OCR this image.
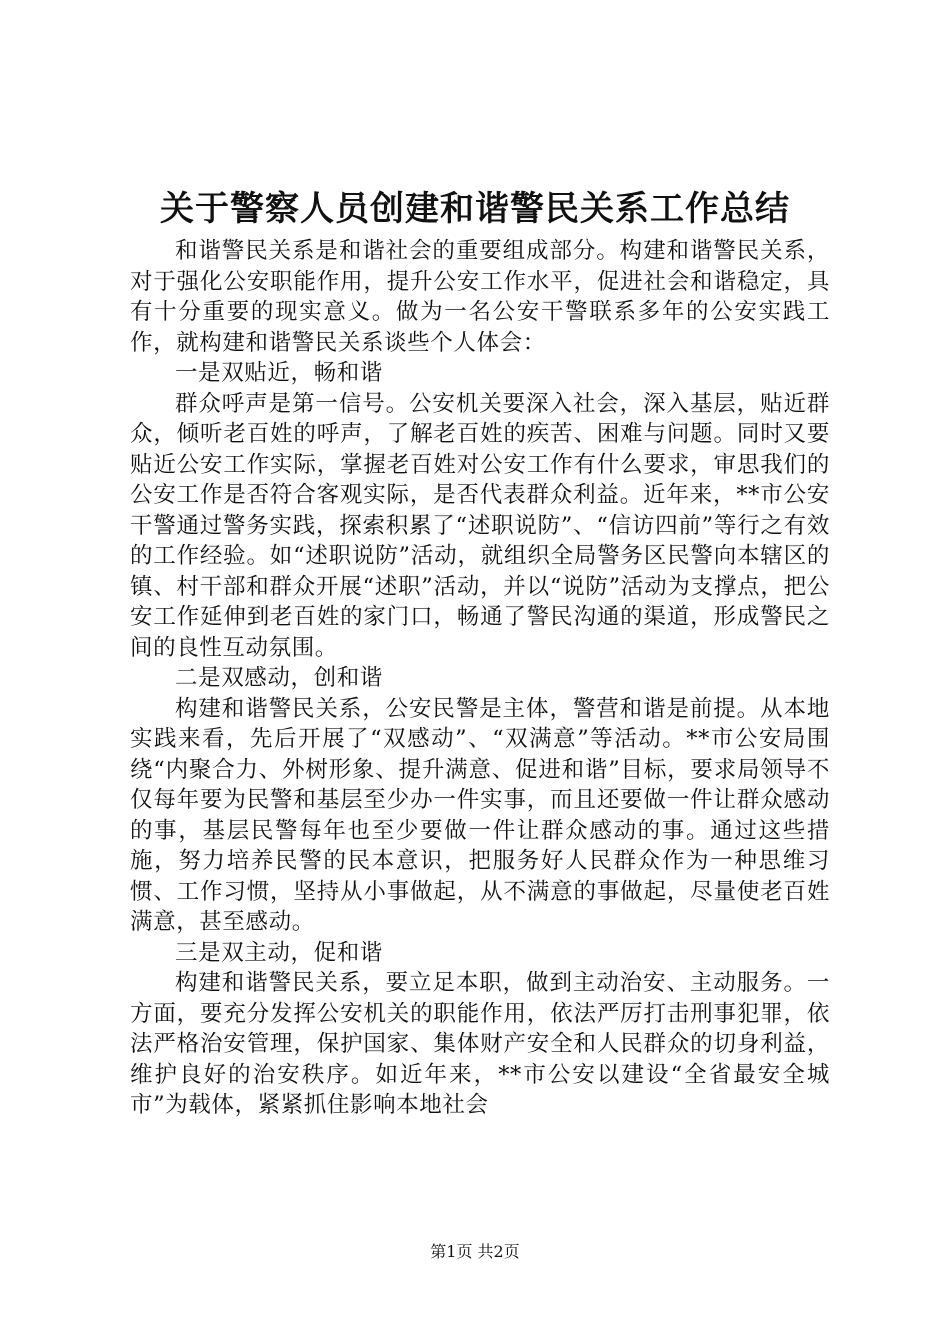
关于警察人员创建和谐警民关系工作总结

和谐警民关系是和谐社会的重要组成部分。构建和谐警民关系，对于强化公安职能作用，提升公安工作水平，促进社会和谐稳定，具有十分重要的现实意义。做为一名公安干警联系多年的公安实践工作，就构建和谐警民关系谈些个人体会：

一是双贴近，畅和谐

群众呼声是第一信号。公安机关要深入社会，深入基层，贴近群众，倾听老百姓的呼声，了解老百姓的疾苦、困难与问题。同时又要贴近公安工作实际，掌握老百姓对公安工作有什么要求，审思我们的公安工作是否符合客观实际，是否代表群众利益。近年来，**市公安干警通过警务实践，探索积累了“述职说防”、“信访四前”等行之有效的工作经验。如“述职说防”活动，就组织全局警务区民警向本辖区的镇、村干部和群众开展“述职”活动，并以“说防”活动为支撑点，把公安工作延伸到老百姓的家门口，畅通了警民沟通的渠道，形成警民之间的良性互动氛围。

二是双感动，创和谐

构建和谐警民关系，公安民警是主体，警营和谐是前提。从本地实践来看，先后开展了“双感动”、“双满意”等活动。**市公安局围绕“内聚合力、外树形象、提升满意、促进和谐”目标，要求局领导不仅每年要为民警和基层至少办一件实事，而且还要做一件让群众感动的事，基层民警每年也至少要做一件让群众感动的事。通过这些措施，努力培养民警的民本意识，把服务好人民群众作为一种思维习惯、工作习惯，坚持从小事做起，从不满意的事做起，尽量使老百姓满意，甚至感动。

三是双主动，促和谐

构建和谐警民关系，要立足本职，做到主动治安、主动服务。一方面，要充分发挥公安机关的职能作用，依法严厉打击刑事犯罪，依法严格治安管理，保护国家、集体财产安全和人民群众的切身利益，维护良好的治安秩序。如近年来，**市公安以建设“全省最安全城市”为载体，紧紧抓住影响本地社会

第1页 共2页
